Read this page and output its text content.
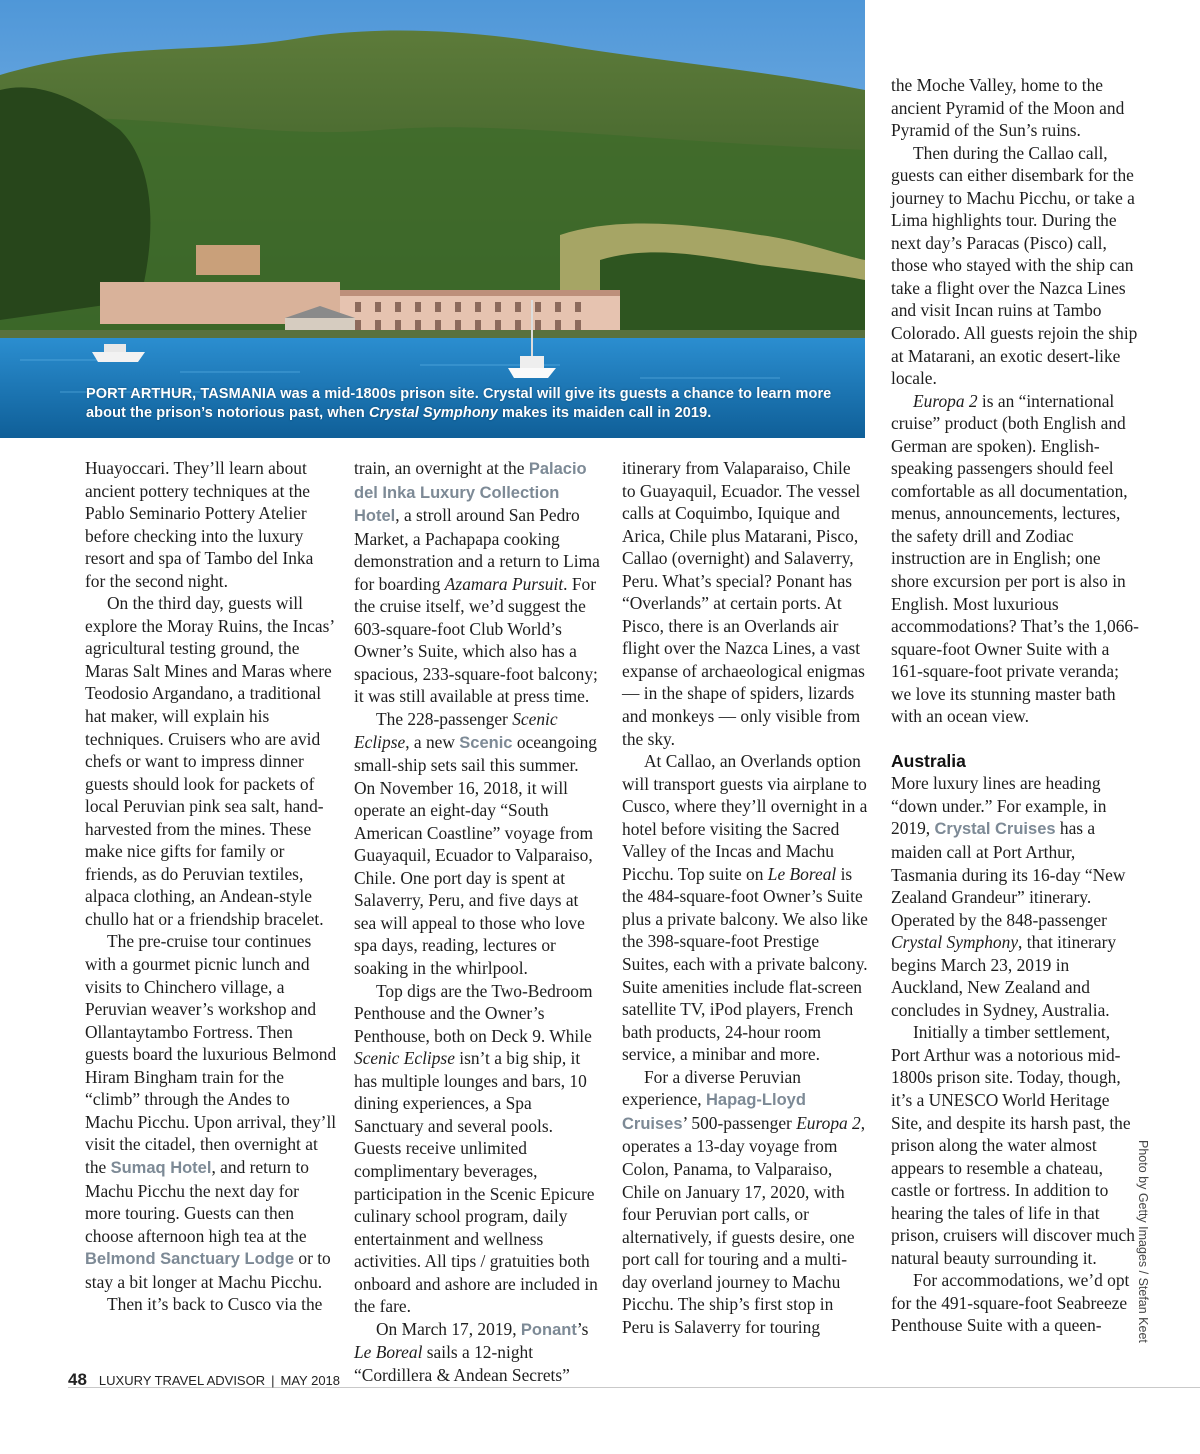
PORT ARTHUR, TASMANIA was a mid-1800s prison site. Crystal will give its guests a chance to learn more about the prison’s notorious past, when Crystal Symphony makes its maiden call in 2019.

Huayoccari. They’ll learn about ancient pottery techniques at the Pablo Seminario Pottery Atelier before checking into the luxury resort and spa of Tambo del Inka for the second night.

On the third day, guests will explore the Moray Ruins, the Incas’ agricultural testing ground, the Maras Salt Mines and Maras where Teodosio Argandano, a traditional hat maker, will explain his techniques. Cruisers who are avid chefs or want to impress dinner guests should look for packets of local Peruvian pink sea salt, hand-harvested from the mines. These make nice gifts for family or friends, as do Peruvian textiles, alpaca clothing, an Andean-style chullo hat or a friendship bracelet.

The pre-cruise tour continues with a gourmet picnic lunch and visits to Chinchero village, a Peruvian weaver’s workshop and Ollantaytambo Fortress. Then guests board the luxurious Belmond Hiram Bingham train for the “climb” through the Andes to Machu Picchu. Upon arrival, they’ll visit the citadel, then overnight at the Sumaq Hotel, and return to Machu Picchu the next day for more touring. Guests can then choose afternoon high tea at the Belmond Sanctuary Lodge or to stay a bit longer at Machu Picchu.

Then it’s back to Cusco via the

train, an overnight at the Palacio del Inka Luxury Collection Hotel, a stroll around San Pedro Market, a Pachapapa cooking demonstration and a return to Lima for boarding Azamara Pursuit. For the cruise itself, we’d suggest the 603-square-foot Club World’s Owner’s Suite, which also has a spacious, 233-square-foot balcony; it was still available at press time.

The 228-passenger Scenic Eclipse, a new Scenic oceangoing small-ship sets sail this summer. On November 16, 2018, it will operate an eight-day “South American Coastline” voyage from Guayaquil, Ecuador to Valparaiso, Chile. One port day is spent at Salaverry, Peru, and five days at sea will appeal to those who love spa days, reading, lectures or soaking in the whirlpool.

Top digs are the Two-Bedroom Penthouse and the Owner’s Penthouse, both on Deck 9. While Scenic Eclipse isn’t a big ship, it has multiple lounges and bars, 10 dining experiences, a Spa Sanctuary and several pools. Guests receive unlimited complimentary beverages, participation in the Scenic Epicure culinary school program, daily entertainment and wellness activities. All tips / gratuities both onboard and ashore are included in the fare.

On March 17, 2019, Ponant’s Le Boreal sails a 12-night “Cordillera & Andean Secrets”

itinerary from Valaparaiso, Chile to Guayaquil, Ecuador. The vessel calls at Coquimbo, Iquique and Arica, Chile plus Matarani, Pisco, Callao (overnight) and Salaverry, Peru. What’s special? Ponant has “Overlands” at certain ports. At Pisco, there is an Overlands air flight over the Nazca Lines, a vast expanse of archaeological enigmas — in the shape of spiders, lizards and monkeys — only visible from the sky.

At Callao, an Overlands option will transport guests via airplane to Cusco, where they’ll overnight in a hotel before visiting the Sacred Valley of the Incas and Machu Picchu. Top suite on Le Boreal is the 484-square-foot Owner’s Suite plus a private balcony. We also like the 398-square-foot Prestige Suites, each with a private balcony. Suite amenities include flat-screen satellite TV, iPod players, French bath products, 24-hour room service, a minibar and more.

For a diverse Peruvian experience, Hapag-Lloyd Cruises’ 500-passenger Europa 2, operates a 13-day voyage from Colon, Panama, to Valparaiso, Chile on January 17, 2020, with four Peruvian port calls, or alternatively, if guests desire, one port call for touring and a multi-day overland journey to Machu Picchu. The ship’s first stop in Peru is Salaverry for touring

the Moche Valley, home to the ancient Pyramid of the Moon and Pyramid of the Sun’s ruins.

Then during the Callao call, guests can either disembark for the journey to Machu Picchu, or take a Lima highlights tour. During the next day’s Paracas (Pisco) call, those who stayed with the ship can take a flight over the Nazca Lines and visit Incan ruins at Tambo Colorado. All guests rejoin the ship at Matarani, an exotic desert-like locale.

Europa 2 is an “international cruise” product (both English and German are spoken). English-speaking passengers should feel comfortable as all documentation, menus, announcements, lectures, the safety drill and Zodiac instruction are in English; one shore excursion per port is also in English. Most luxurious accommodations? That’s the 1,066-square-foot Owner Suite with a 161-square-foot private veranda; we love its stunning master bath with an ocean view.

Australia

More luxury lines are heading “down under.” For example, in 2019, Crystal Cruises has a maiden call at Port Arthur, Tasmania during its 16-day “New Zealand Grandeur” itinerary. Operated by the 848-passenger Crystal Symphony, that itinerary begins March 23, 2019 in Auckland, New Zealand and concludes in Sydney, Australia.

Initially a timber settlement, Port Arthur was a notorious mid-1800s prison site. Today, though, it’s a UNESCO World Heritage Site, and despite its harsh past, the prison along the water almost appears to resemble a chateau, castle or fortress. In addition to hearing the tales of life in that prison, cruisers will discover much natural beauty surrounding it.

For accommodations, we’d opt for the 491-square-foot Seabreeze Penthouse Suite with a queen-	Photo by Getty Images / Stefan Keet
48 LUXURY TRAVEL ADVISOR | MAY 2018
